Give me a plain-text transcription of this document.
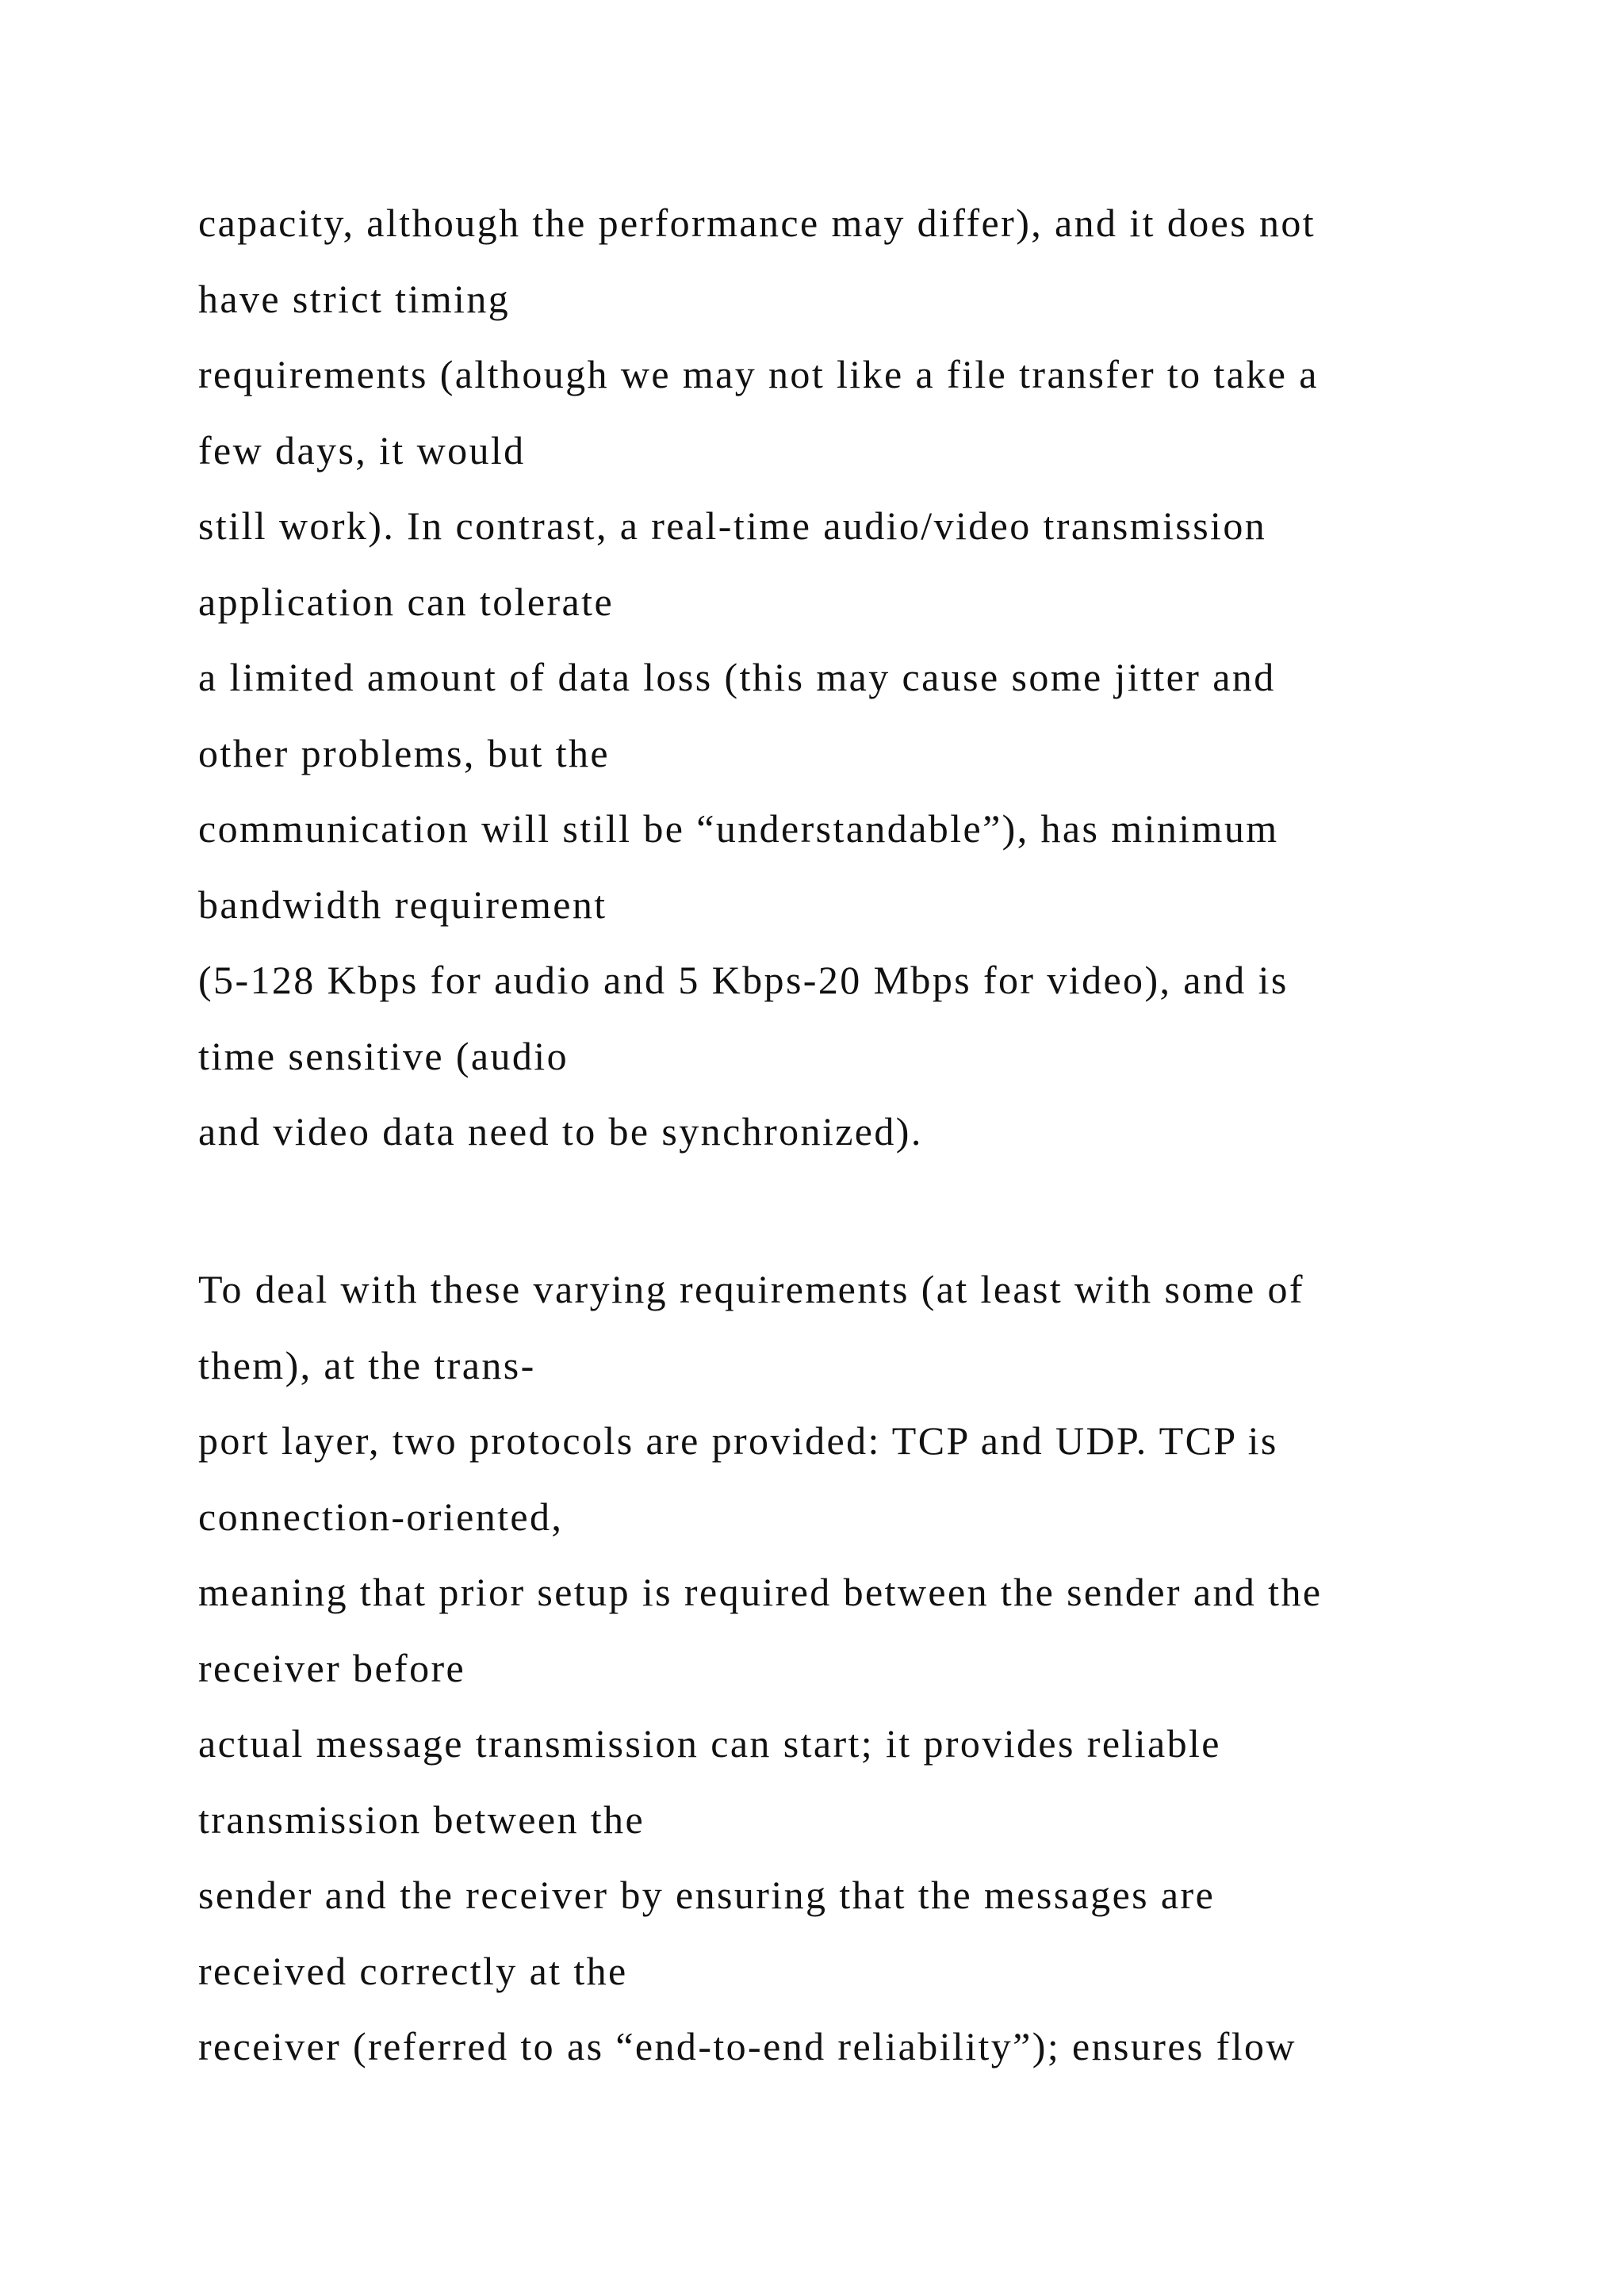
capacity, although the performance may differ), and it does not
have strict timing
requirements (although we may not like a file transfer to take a
few days, it would
still work). In contrast, a real-time audio/video transmission
application can tolerate
a limited amount of data loss (this may cause some jitter and
other problems, but the
communication will still be “understandable”), has minimum
bandwidth requirement
(5-128 Kbps for audio and 5 Kbps-20 Mbps for video), and is
time sensitive (audio
and video data need to be synchronized).
To deal with these varying requirements (at least with some of
them), at the trans-
port layer, two protocols are provided: TCP and UDP. TCP is
connection-oriented,
meaning that prior setup is required between the sender and the
receiver before
actual message transmission can start; it provides reliable
transmission between the
sender and the receiver by ensuring that the messages are
received correctly at the
receiver (referred to as “end-to-end reliability”); ensures flow
